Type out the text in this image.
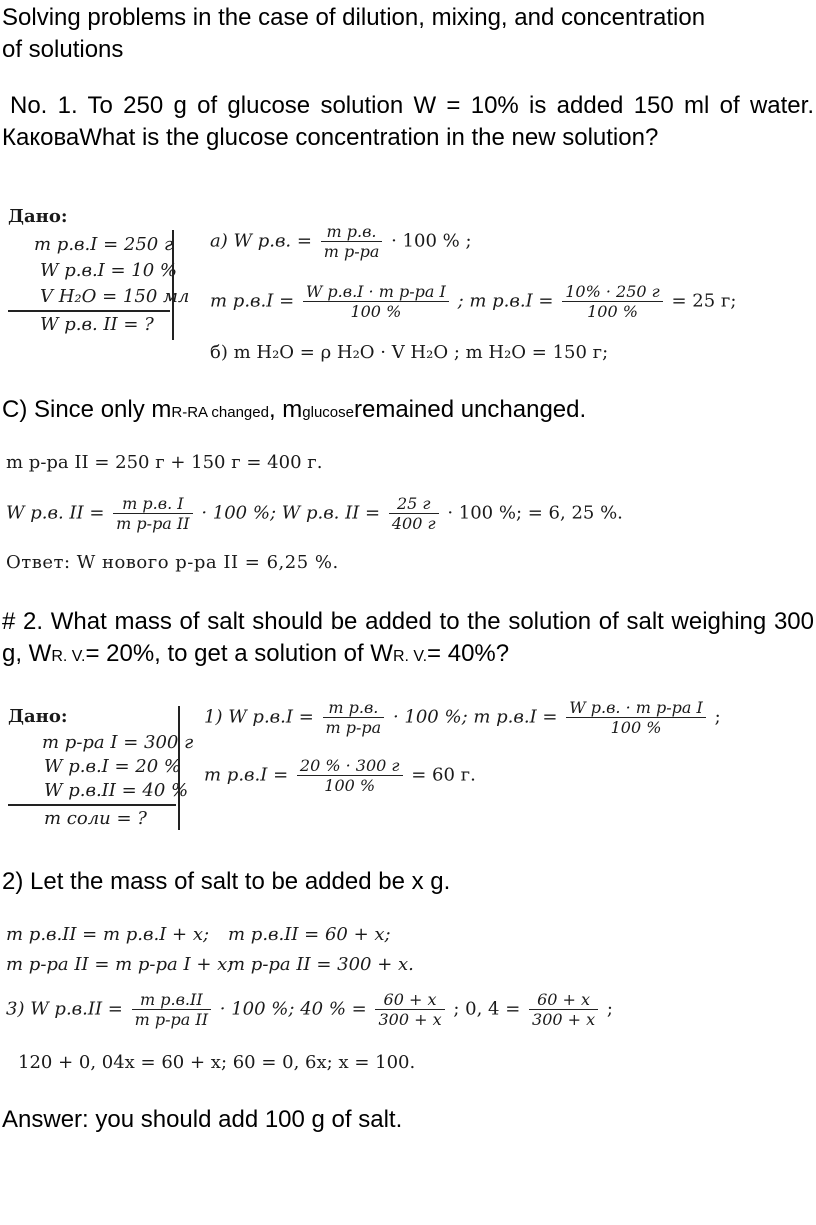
Solving problems in the case of dilution, mixing, and concentration
of solutions

No. 1. To 250 g of glucose solution W = 10% is added 150 ml of water. КаковаWhat is the glucose concentration in the new solution?

Дано:
m р.в.I = 250 г
W р.в.I = 10 %
V H₂O = 150 мл
W р.в. II = ?
а) W р.в. = $\frac{\text{m р.в.}}{\text{m р-ра}} \cdot 100$ % ;
m $р.в.I = \frac{\text{W р.в.I · m р-ра I}}{100 \%}$ ; m $р.в.I = \frac{10\% \cdot 250 г}{100 \%} = 25$ г;
б) m H₂O = ρ H₂O · V H₂O ; m H₂O = 150 г;

C) Since only mR-RA changed, mglucoseremained unchanged.

m р-ра II = 250 г + 150 г = 400 г.
W р.в. II = $\frac{\text{m р.в. I}}{\text{m р-ра II}} \cdot 100$ %; W р.в. II = $\frac{25 г}{400 г} \cdot 100$ %; = 6, 25 %.
Ответ: W нового р-ра II = 6,25 %.

# 2. What mass of salt should be added to the solution of salt weighing 300 g, WR. V.= 20%, to get a solution of WR. V.= 40%?

Дано:
m р-ра I = 300 г
W р.в.I = 20 %
W р.в.II = 40 %
m соли = ?
1) W $р.в.I = \frac{\text{m р.в.}}{\text{m р-ра}} \cdot 100$ %; m $р.в.I = \frac{\text{W р.в. · m р-ра I}}{100 \%}$ ;
m $р.в.I = \frac{20 \% \cdot 300 г}{100 \%} = 60$ г.

2) Let the mass of salt to be added be x g.

m р.в.II = m р.в.I + x; m р.в.II = 60 + x;
m р-ра II = m р-ра I + x;
m р-ра II = 300 + x.
3) W $р.в.II = \frac{\text{m р.в.II}}{\text{m р-ра II}} \cdot 100$ %; 40 % = $\frac{60 + x}{300 + x}$ ; 0, $4 = \frac{60 + x}{300 + x}$ ;
120 + 0, 04x = 60 + x; 60 = 0, 6x; x = 100.

Answer: you should add 100 g of salt.
